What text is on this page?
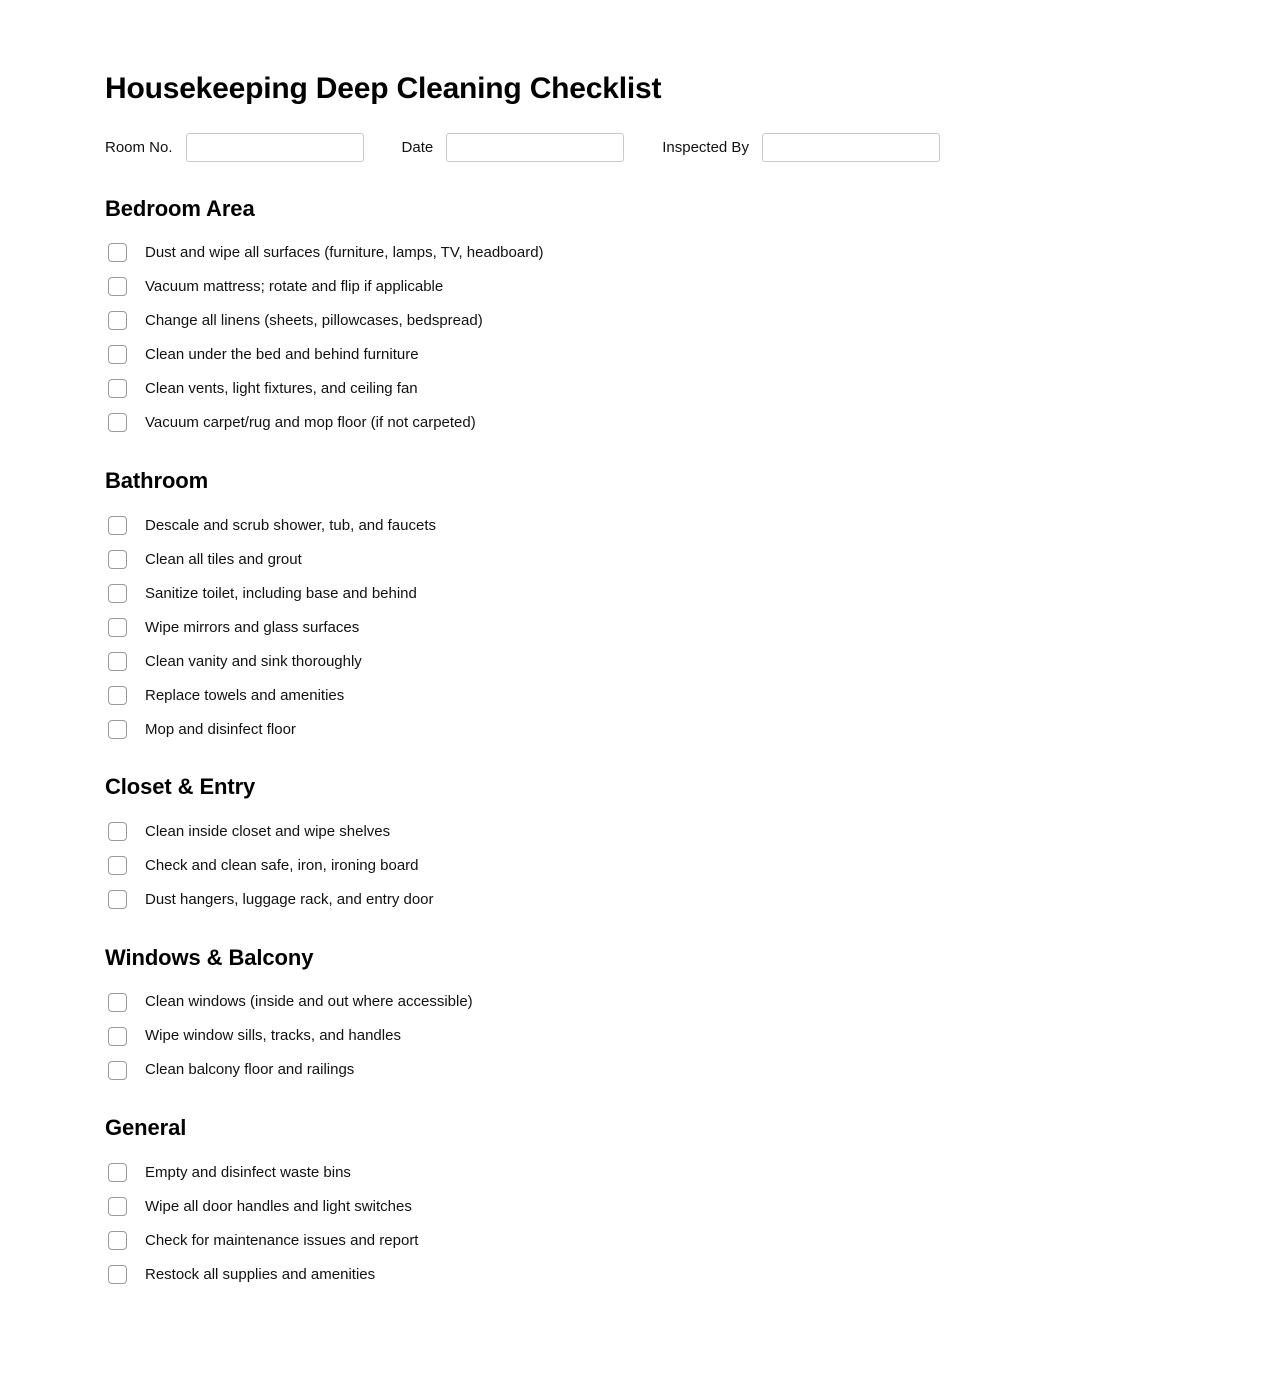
Housekeeping Deep Cleaning Checklist
Room No.	Date	Inspected By
Bedroom Area
Dust and wipe all surfaces (furniture, lamps, TV, headboard)
Vacuum mattress; rotate and flip if applicable
Change all linens (sheets, pillowcases, bedspread)
Clean under the bed and behind furniture
Clean vents, light fixtures, and ceiling fan
Vacuum carpet/rug and mop floor (if not carpeted)
Bathroom
Descale and scrub shower, tub, and faucets
Clean all tiles and grout
Sanitize toilet, including base and behind
Wipe mirrors and glass surfaces
Clean vanity and sink thoroughly
Replace towels and amenities
Mop and disinfect floor
Closet & Entry
Clean inside closet and wipe shelves
Check and clean safe, iron, ironing board
Dust hangers, luggage rack, and entry door
Windows & Balcony
Clean windows (inside and out where accessible)
Wipe window sills, tracks, and handles
Clean balcony floor and railings
General
Empty and disinfect waste bins
Wipe all door handles and light switches
Check for maintenance issues and report
Restock all supplies and amenities
